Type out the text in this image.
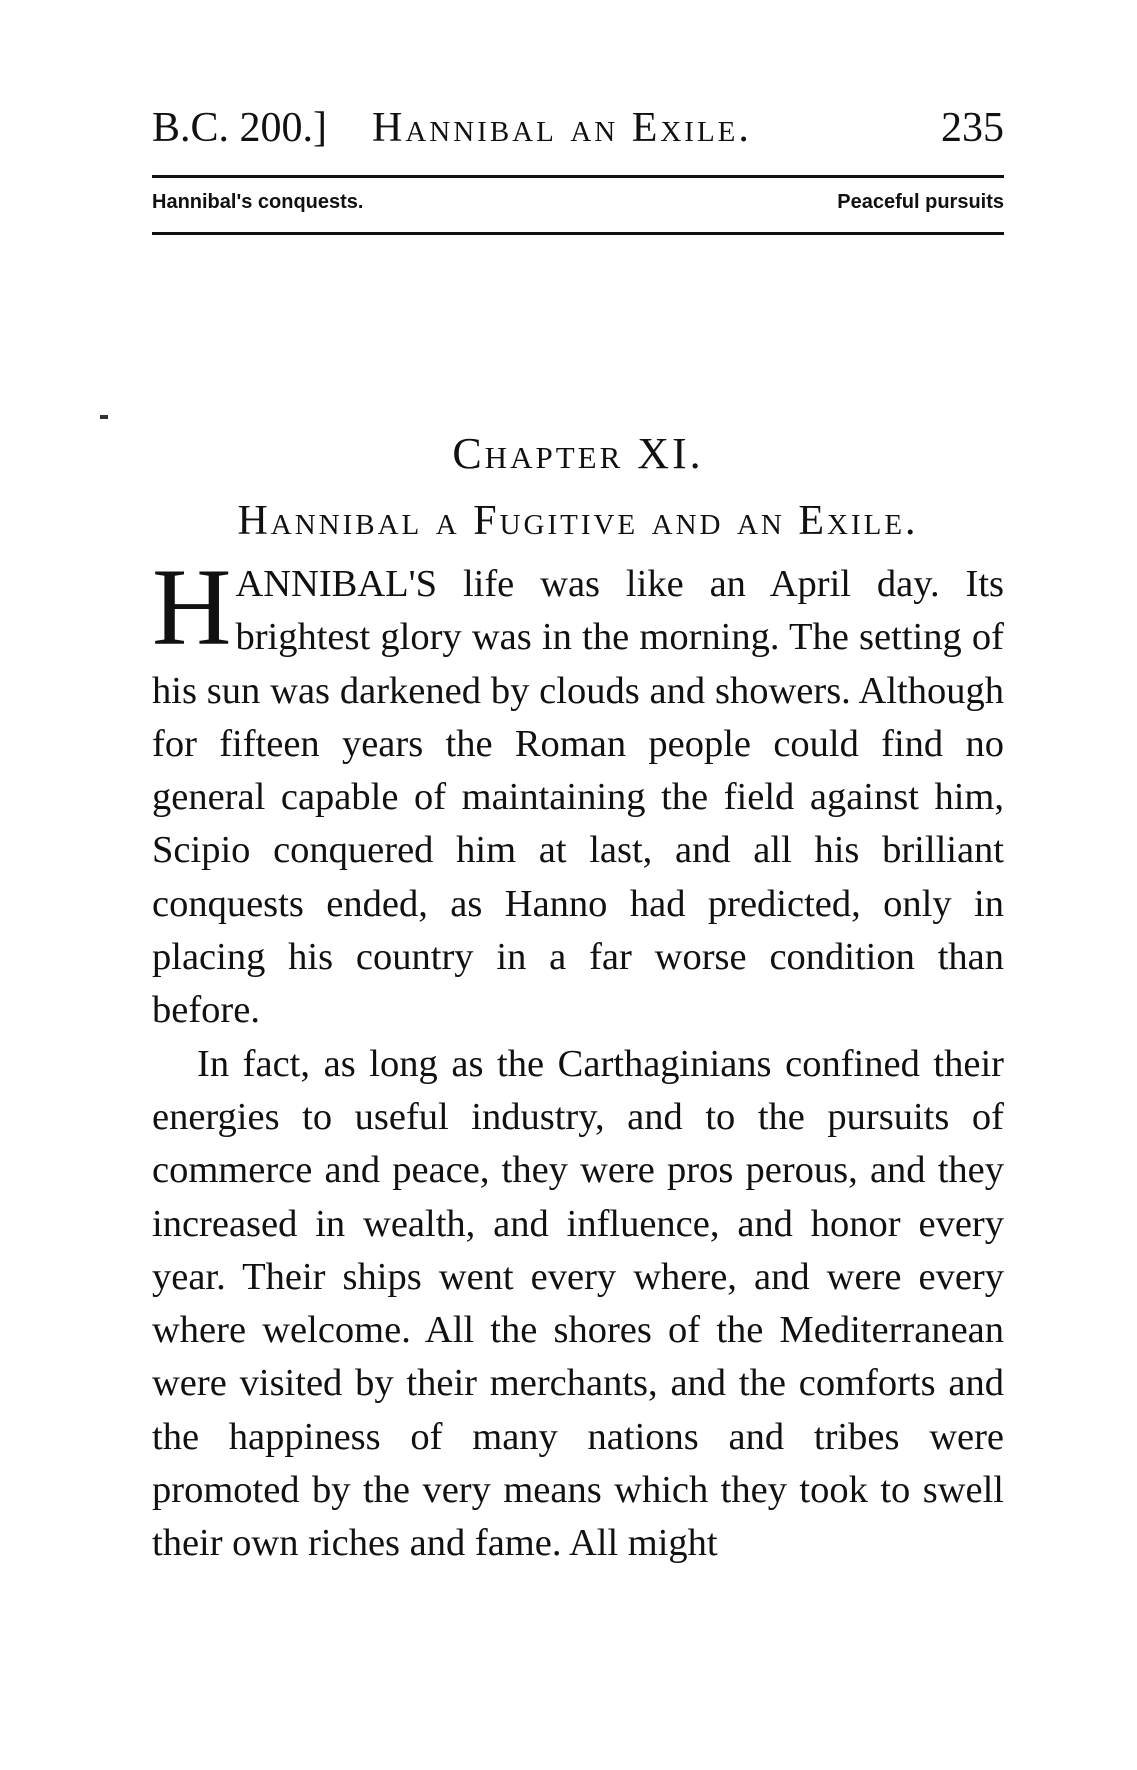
B.C. 200.] Hannibal an Exile.	235
Hannibal's conquests.	Peaceful pursuits
Chapter XI.
Hannibal a Fugitive and an Exile.

HANNIBAL'S life was like an April day. Its brightest glory was in the morning. The setting of his sun was darkened by clouds and showers. Although for fifteen years the Roman people could find no general capable of maintaining the field against him, Scipio conquered him at last, and all his brilliant conquests ended, as Hanno had predicted, only in placing his country in a far worse condition than before.

In fact, as long as the Carthaginians confined their energies to useful industry, and to the pursuits of commerce and peace, they were pros perous, and they increased in wealth, and influence, and honor every year. Their ships went every where, and were every where welcome. All the shores of the Mediterranean were visited by their merchants, and the comforts and the happiness of many nations and tribes were promoted by the very means which they took to swell their own riches and fame. All might
